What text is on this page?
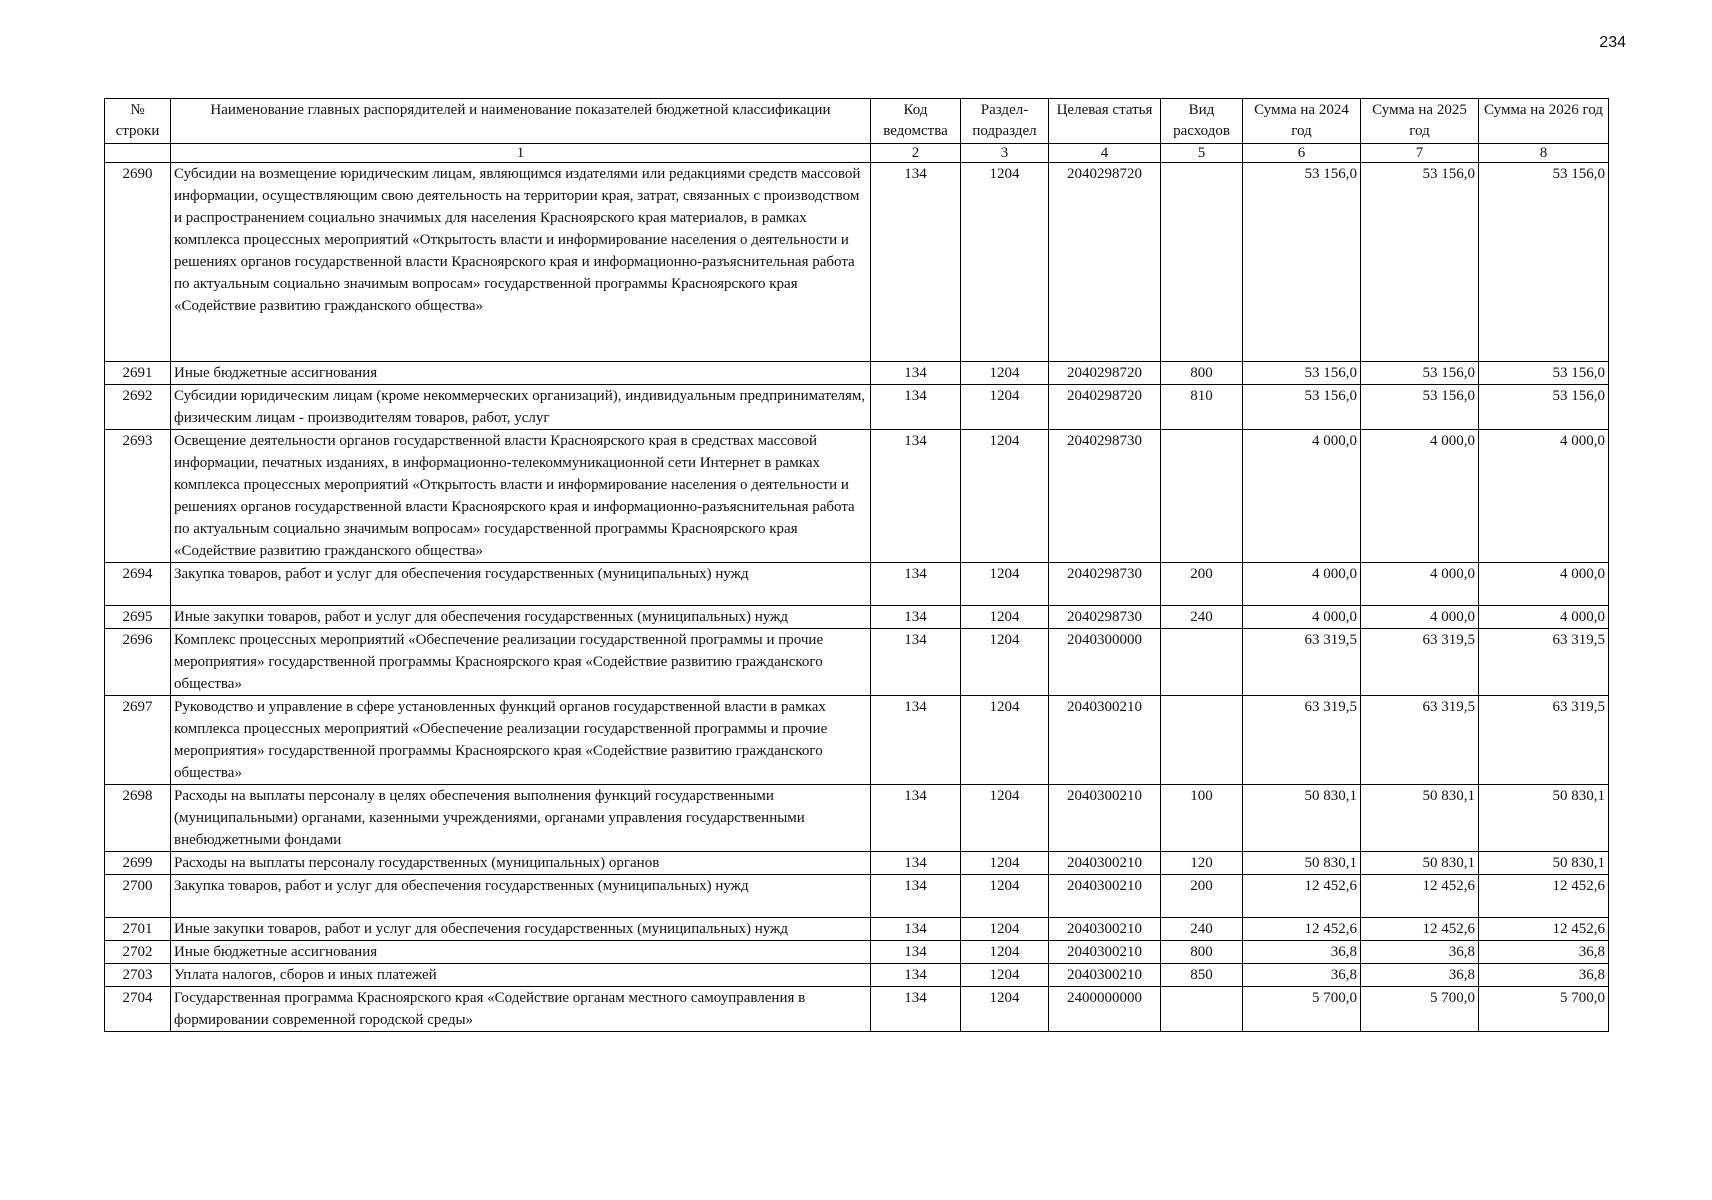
234
№ строки	Наименование главных распорядителей и наименование показателей бюджетной классификации	Код ведомства	Раздел-подраздел	Целевая статья	Вид расходов	Сумма на 2024 год	Сумма на 2025 год	Сумма на 2026 год
	1	2	3	4	5	6	7	8
2690	Субсидии на возмещение юридическим лицам, являющимся издателями или редакциями средств массовой информации, осуществляющим свою деятельность на территории края, затрат, связанных с производством и распространением социально значимых для населения Красноярского края материалов, в рамках комплекса процессных мероприятий «Открытость власти и информирование населения о деятельности и решениях органов государственной власти Красноярского края и информационно-разъяснительная работа по актуальным социально значимым вопросам» государственной программы Красноярского края «Содействие развитию гражданского общества»	134	1204	2040298720		53 156,0	53 156,0	53 156,0
2691	Иные бюджетные ассигнования	134	1204	2040298720	800	53 156,0	53 156,0	53 156,0
2692	Субсидии юридическим лицам (кроме некоммерческих организаций), индивидуальным предпринимателям, физическим лицам - производителям товаров, работ, услуг	134	1204	2040298720	810	53 156,0	53 156,0	53 156,0
2693	Освещение деятельности органов государственной власти Красноярского края в средствах массовой информации, печатных изданиях, в информационно-телекоммуникационной сети Интернет в рамках комплекса процессных мероприятий «Открытость власти и информирование населения о деятельности и решениях органов государственной власти Красноярского края и информационно-разъяснительная работа по актуальным социально значимым вопросам» государственной программы Красноярского края «Содействие развитию гражданского общества»	134	1204	2040298730		4 000,0	4 000,0	4 000,0
2694	Закупка товаров, работ и услуг для обеспечения государственных (муниципальных) нужд	134	1204	2040298730	200	4 000,0	4 000,0	4 000,0
2695	Иные закупки товаров, работ и услуг для обеспечения государственных (муниципальных) нужд	134	1204	2040298730	240	4 000,0	4 000,0	4 000,0
2696	Комплекс процессных мероприятий «Обеспечение реализации государственной программы и прочие мероприятия» государственной программы Красноярского края «Содействие развитию гражданского общества»	134	1204	2040300000		63 319,5	63 319,5	63 319,5
2697	Руководство и управление в сфере установленных функций органов государственной власти в рамках комплекса процессных мероприятий «Обеспечение реализации государственной программы и прочие мероприятия» государственной программы Красноярского края «Содействие развитию гражданского общества»	134	1204	2040300210		63 319,5	63 319,5	63 319,5
2698	Расходы на выплаты персоналу в целях обеспечения выполнения функций государственными (муниципальными) органами, казенными учреждениями, органами управления государственными внебюджетными фондами	134	1204	2040300210	100	50 830,1	50 830,1	50 830,1
2699	Расходы на выплаты персоналу государственных (муниципальных) органов	134	1204	2040300210	120	50 830,1	50 830,1	50 830,1
2700	Закупка товаров, работ и услуг для обеспечения государственных (муниципальных) нужд	134	1204	2040300210	200	12 452,6	12 452,6	12 452,6
2701	Иные закупки товаров, работ и услуг для обеспечения государственных (муниципальных) нужд	134	1204	2040300210	240	12 452,6	12 452,6	12 452,6
2702	Иные бюджетные ассигнования	134	1204	2040300210	800	36,8	36,8	36,8
2703	Уплата налогов, сборов и иных платежей	134	1204	2040300210	850	36,8	36,8	36,8
2704	Государственная программа Красноярского края «Содействие органам местного самоуправления в формировании современной городской среды»	134	1204	2400000000		5 700,0	5 700,0	5 700,0
